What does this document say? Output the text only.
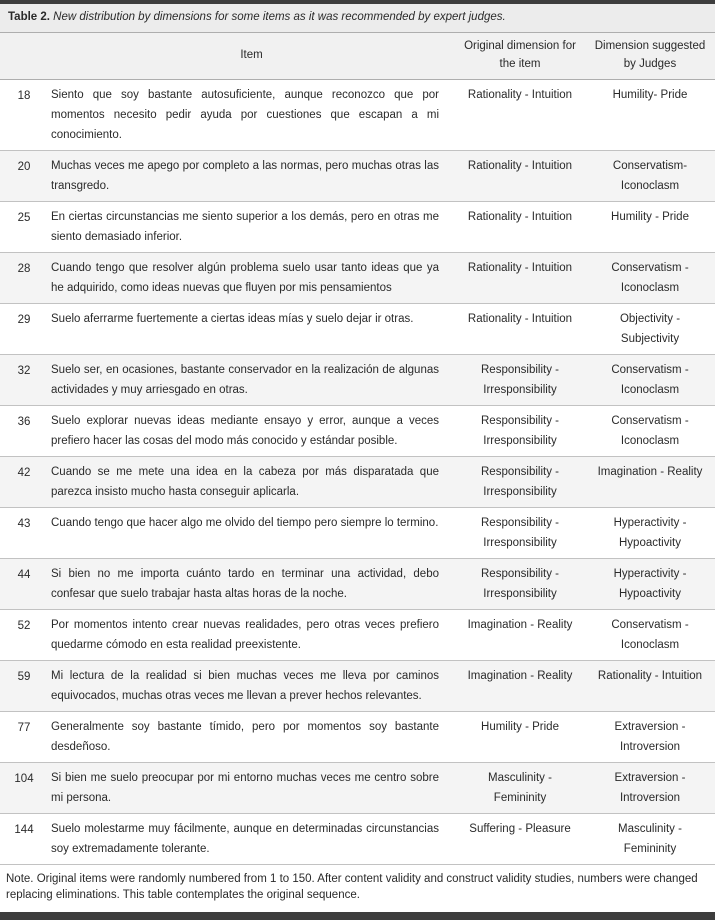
Table 2. New distribution by dimensions for some items as it was recommended by expert judges.
Item
Original dimension for the item
Dimension suggested by Judges
18	Siento que soy bastante autosuficiente, aunque reconozco que por momentos necesito pedir ayuda por cuestiones que escapan a mi conocimiento.
Rationality - Intuition	Humility- Pride
20	Muchas veces me apego por completo a las normas, pero muchas otras las transgredo.
Rationality - Intuition	Conservatism- Iconoclasm
25	En ciertas circunstancias me siento superior a los demás, pero en otras me siento demasiado inferior.
Rationality - Intuition	Humility - Pride
28	Cuando tengo que resolver algún problema suelo usar tanto ideas que ya he adquirido, como ideas nuevas que fluyen por mis pensamientos
Rationality - Intuition	Conservatism - Iconoclasm
29	Suelo aferrarme fuertemente a ciertas ideas mías y suelo dejar ir otras.	Rationality - Intuition	Objectivity - Subjectivity
32	Suelo ser, en ocasiones, bastante conservador en la realización de algunas actividades y muy arriesgado en otras.
Responsibility - Irresponsibility
Conservatism - Iconoclasm
36	Suelo explorar nuevas ideas mediante ensayo y error, aunque a veces prefiero hacer las cosas del modo más conocido y estándar posible.
Responsibility - Irresponsibility
Conservatism - Iconoclasm
42	Cuando se me mete una idea en la cabeza por más disparatada que parezca insisto mucho hasta conseguir aplicarla.
Responsibility - Irresponsibility
Imagination - Reality
43	Cuando tengo que hacer algo me olvido del tiempo pero siempre lo termino.	Responsibility - Irresponsibility
Hyperactivity - Hypoactivity
44	Si bien no me importa cuánto tardo en terminar una actividad, debo confesar que suelo trabajar hasta altas horas de la noche.
Responsibility - Irresponsibility
Hyperactivity - Hypoactivity
52	Por momentos intento crear nuevas realidades, pero otras veces prefiero quedarme cómodo en esta realidad preexistente.
Imagination - Reality	Conservatism - Iconoclasm
59	Mi lectura de la realidad si bien muchas veces me lleva por caminos equivocados, muchas otras veces me llevan a prever hechos relevantes.
Imagination - Reality	Rationality - Intuition
77	Generalmente soy bastante tímido, pero por momentos soy bastante desdeñoso.
Humility - Pride	Extraversion - Introversion
104	Si bien me suelo preocupar por mi entorno muchas veces me centro sobre mi persona.
Masculinity - Femininity
Extraversion - Introversion
144	Suelo molestarme muy fácilmente, aunque en determinadas circunstancias soy extremadamente tolerante.
Suffering - Pleasure	Masculinity - Femininity
Note. Original items were randomly numbered from 1 to 150. After content validity and construct validity studies, numbers were changed replacing eliminations. This table contemplates the original sequence.
